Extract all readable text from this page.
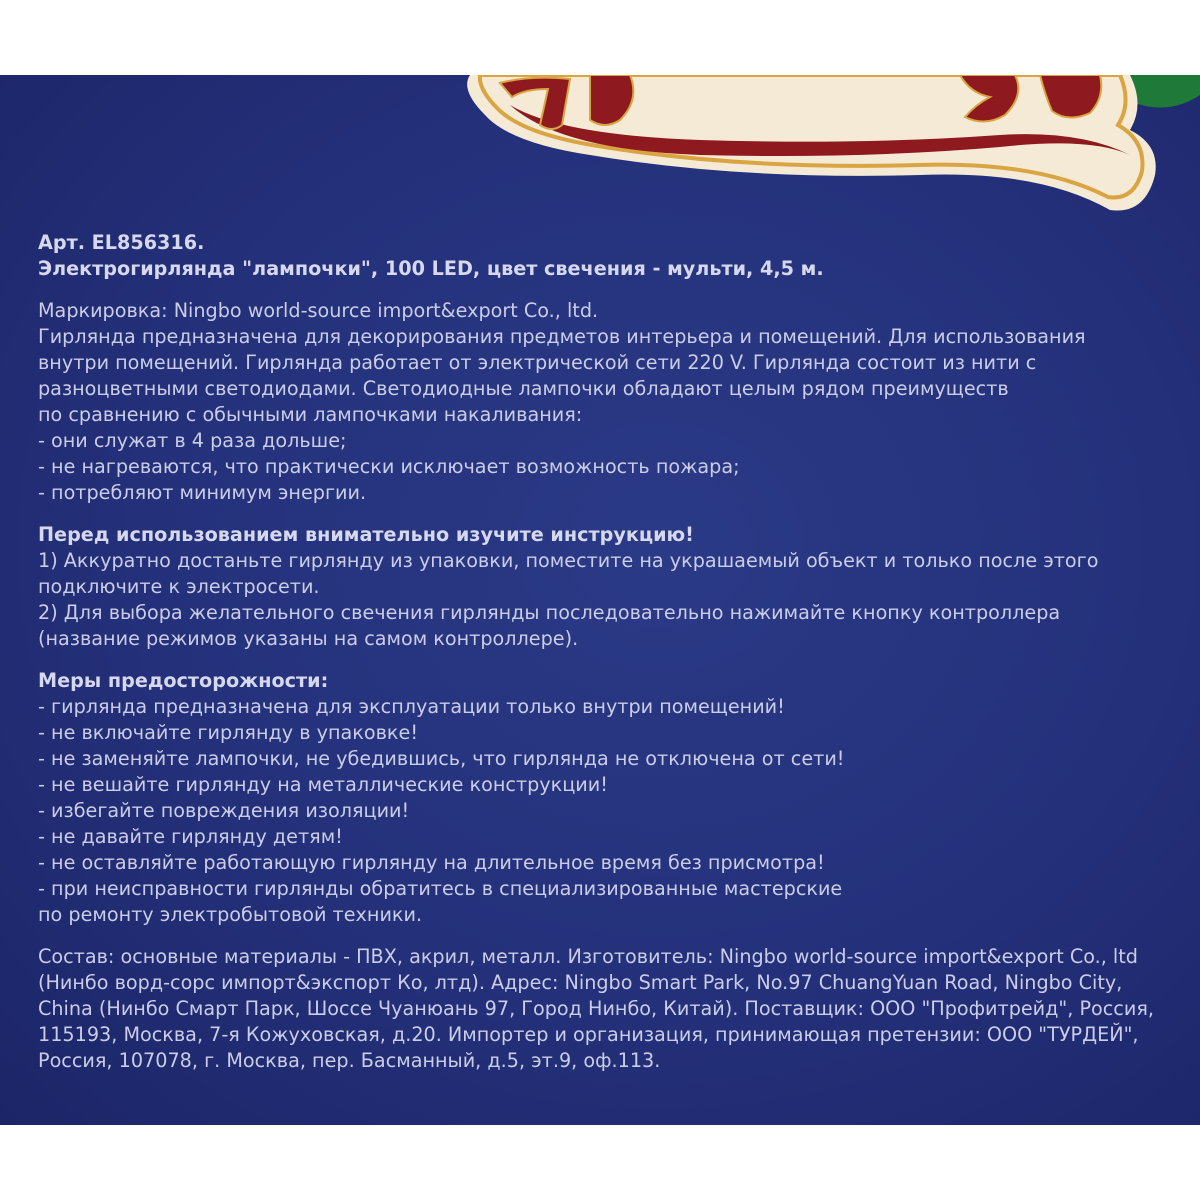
Арт. EL856316.
Электрогирлянда "лампочки", 100 LED, цвет свечения - мульти, 4,5 м.
Маркировка: Ningbo world-source import&export Co., ltd.
Гирлянда предназначена для декорирования предметов интерьера и помещений. Для использования
внутри помещений. Гирлянда работает от электрической сети 220 V. Гирлянда состоит из нити с
разноцветными светодиодами. Светодиодные лампочки обладают целым рядом преимуществ
по сравнению с обычными лампочками накаливания:
- они служат в 4 раза дольше;
- не нагреваются, что практически исключает возможность пожара;
- потребляют минимум энергии.
Перед использованием внимательно изучите инструкцию!
1) Аккуратно достаньте гирлянду из упаковки, поместите на украшаемый объект и только после этого
подключите к электросети.
2) Для выбора желательного свечения гирлянды последовательно нажимайте кнопку контроллера
(название режимов указаны на самом контроллере).
Меры предосторожности:
- гирлянда предназначена для эксплуатации только внутри помещений!
- не включайте гирлянду в упаковке!
- не заменяйте лампочки, не убедившись, что гирлянда не отключена от сети!
- не вешайте гирлянду на металлические конструкции!
- избегайте повреждения изоляции!
- не давайте гирлянду детям!
- не оставляйте работающую гирлянду на длительное время без присмотра!
- при неисправности гирлянды обратитесь в специализированные мастерские
по ремонту электробытовой техники.
Состав: основные материалы - ПВХ, акрил, металл. Изготовитель: Ningbo world-source import&export Co., ltd
(Нинбо ворд-сорс импорт&экспорт Ко, лтд). Адрес: Ningbo Smart Park, No.97 ChuangYuan Road, Ningbo City,
China (Нинбо Смарт Парк, Шоссе Чуанюань 97, Город Нинбо, Китай). Поставщик: ООО "Профитрейд", Россия,
115193, Москва, 7-я Кожуховская, д.20. Импортер и организация, принимающая претензии: ООО "ТУРДЕЙ",
Россия, 107078, г. Москва, пер. Басманный, д.5, эт.9, оф.113.
